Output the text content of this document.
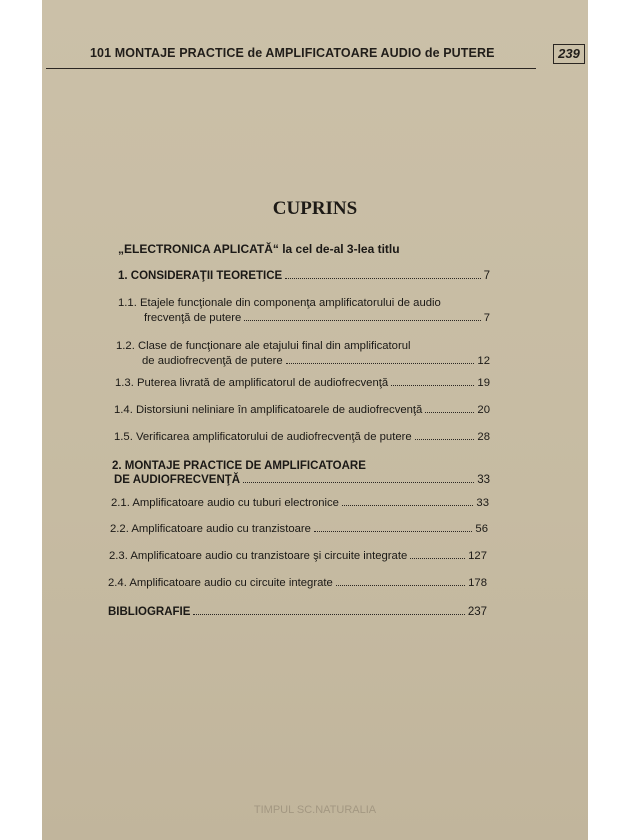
101 MONTAJE PRACTICE de AMPLIFICATOARE AUDIO de PUTERE	239
CUPRINS
„ELECTRONICA APLICATĂ“ la cel de-al 3-lea titlu
1. CONSIDERAŢII TEORETICE	7
1.1. Etajele funcţionale din componenţa amplificatorului de audio
frecvenţă de putere	7
1.2. Clase de funcţionare ale etajului final din amplificatorul
de audiofrecvenţă de putere	12
1.3. Puterea livrată de amplificatorul de audiofrecvenţă	19
1.4. Distorsiuni neliniare în amplificatoarele de audiofrecvenţă	20
1.5. Verificarea amplificatorului de audiofrecvenţă de putere	28
2. MONTAJE PRACTICE DE AMPLIFICATOARE
DE AUDIOFRECVENŢĂ	33
2.1. Amplificatoare audio cu tuburi electronice	33
2.2. Amplificatoare audio cu tranzistoare	56
2.3. Amplificatoare audio cu tranzistoare şi circuite integrate	127
2.4. Amplificatoare audio cu circuite integrate	178
BIBLIOGRAFIE	237
TIMPUL SC.NATURALIA
